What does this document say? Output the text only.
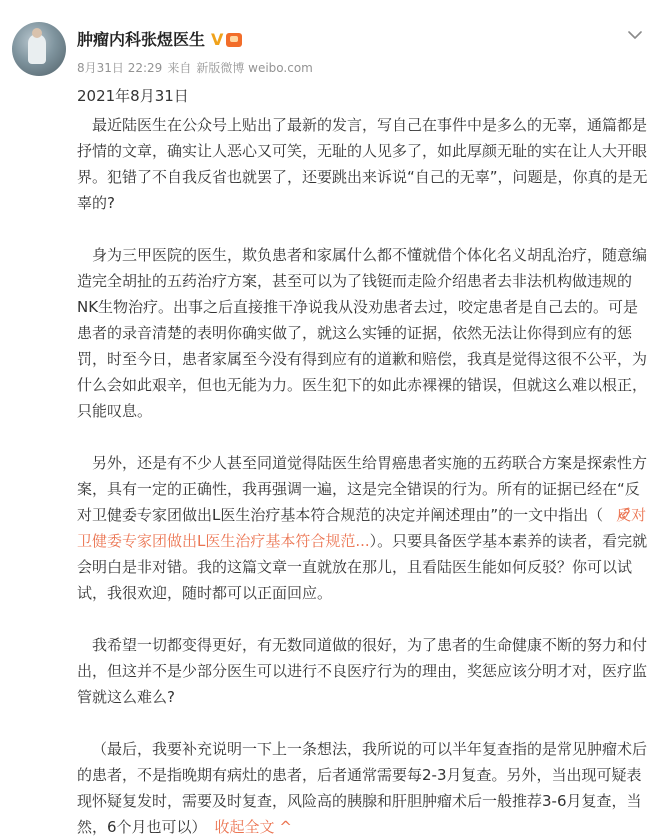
肿瘤内科张煜医生 V
8月31日 22:29 来自 新版微博 weibo.com
2021年8月31日

最近陆医生在公众号上贴出了最新的发言，写自己在事件中是多么的无辜，通篇都是抒情的文章，确实让人恶心又可笑，无耻的人见多了，如此厚颜无耻的实在让人大开眼界。犯错了不自我反省也就罢了，还要跳出来诉说“自己的无辜”，问题是，你真的是无辜的?

身为三甲医院的医生，欺负患者和家属什么都不懂就借个体化名义胡乱治疗，随意编造完全胡扯的五药治疗方案，甚至可以为了钱铤而走险介绍患者去非法机构做违规的NK生物治疗。出事之后直接推干净说我从没劝患者去过，咬定患者是自己去的。可是患者的录音清楚的表明你确实做了，就这么实锤的证据，依然无法让你得到应有的惩罚，时至今日，患者家属至今没有得到应有的道歉和赔偿，我真是觉得这很不公平，为什么会如此艰辛，但也无能为力。医生犯下的如此赤裸裸的错误，但就这么难以根正，只能叹息。

另外，还是有不少人甚至同道觉得陆医生给胃癌患者实施的五药联合方案是探索性方案，具有一定的正确性，我再强调一遍，这是完全错误的行为。所有的证据已经在“反对卫健委专家团做出L医生治疗基本符合规范的决定并阐述理由”的一文中指出（ 反对卫健委专家团做出L医生治疗基本符合规范...）。只要具备医学基本素养的读者，看完就会明白是非对错。我的这篇文章一直就放在那儿，且看陆医生能如何反驳？你可以试试，我很欢迎，随时都可以正面回应。

我希望一切都变得更好，有无数同道做的很好，为了患者的生命健康不断的努力和付出，但这并不是少部分医生可以进行不良医疗行为的理由，奖惩应该分明才对，医疗监管就这么难么?

（最后，我要补充说明一下上一条想法，我所说的可以半年复查指的是常见肿瘤术后的患者，不是指晚期有病灶的患者，后者通常需要每2-3月复查。另外，当出现可疑表现怀疑复发时，需要及时复查，风险高的胰腺和肝胆肿瘤术后一般推荐3-6月复查，当然，6个月也可以） 收起全文 ^
